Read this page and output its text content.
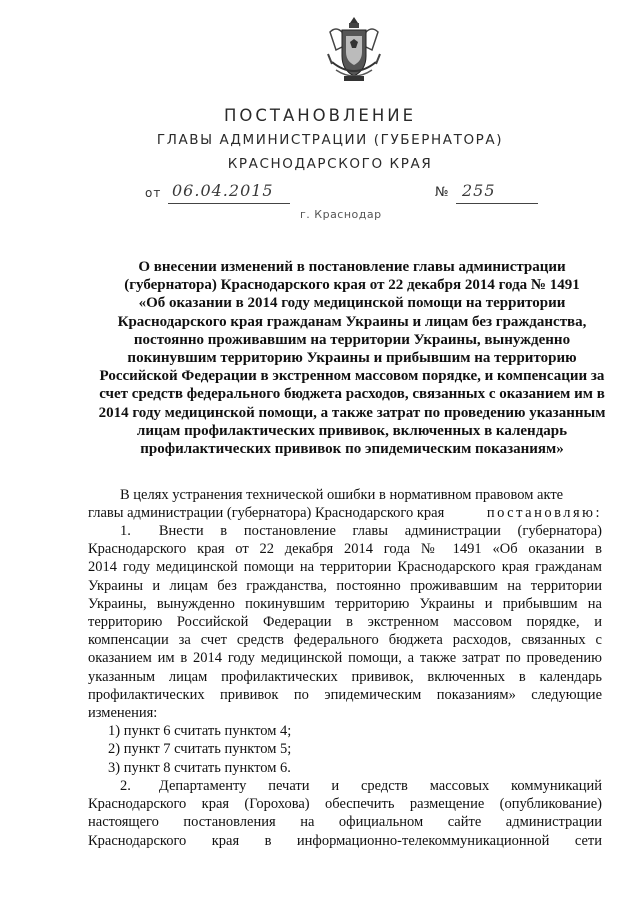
ПОСТАНОВЛЕНИЕ
ГЛАВЫ АДМИНИСТРАЦИИ (ГУБЕРНАТОРА)
КРАСНОДАРСКОГО КРАЯ
от 06.04.2015	№ 255
г. Краснодар
О внесении изменений в постановление главы администрации
(губернатора) Краснодарского края от 22 декабря 2014 года № 1491
«Об оказании в 2014 году медицинской помощи на территории
Краснодарского края гражданам Украины и лицам без гражданства,
постоянно проживавшим на территории Украины, вынужденно
покинувшим территорию Украины и прибывшим на территорию
Российской Федерации в экстренном массовом порядке, и компенсации за
счет средств федерального бюджета расходов, связанных с оказанием им в
2014 году медицинской помощи, а также затрат по проведению указанным
лицам профилактических прививок, включенных в календарь
профилактических прививок по эпидемическим показаниям»
В целях устранения технической ошибки в нормативном правовом акте
главы администрации (губернатора) Краснодарского края	постановляю:
1. Внести в постановление главы администрации (губернатора)
Краснодарского края от 22 декабря 2014 года № 1491 «Об оказании в
2014 году медицинской помощи на территории Краснодарского края гражданам
Украины и лицам без гражданства, постоянно проживавшим на территории
Украины, вынужденно покинувшим территорию Украины и прибывшим на
территорию Российской Федерации в экстренном массовом порядке, и
компенсации за счет средств федерального бюджета расходов, связанных с
оказанием им в 2014 году медицинской помощи, а также затрат по проведению
указанным лицам профилактических прививок, включенных в календарь
профилактических прививок по эпидемическим показаниям» следующие
изменения:
1) пункт 6 считать пунктом 4;
2) пункт 7 считать пунктом 5;
3) пункт 8 считать пунктом 6.
2. Департаменту печати и средств массовых коммуникаций
Краснодарского края (Горохова) обеспечить размещение (опубликование)
настоящего постановления на официальном сайте администрации
Краснодарского края в информационно-телекоммуникационной сети
